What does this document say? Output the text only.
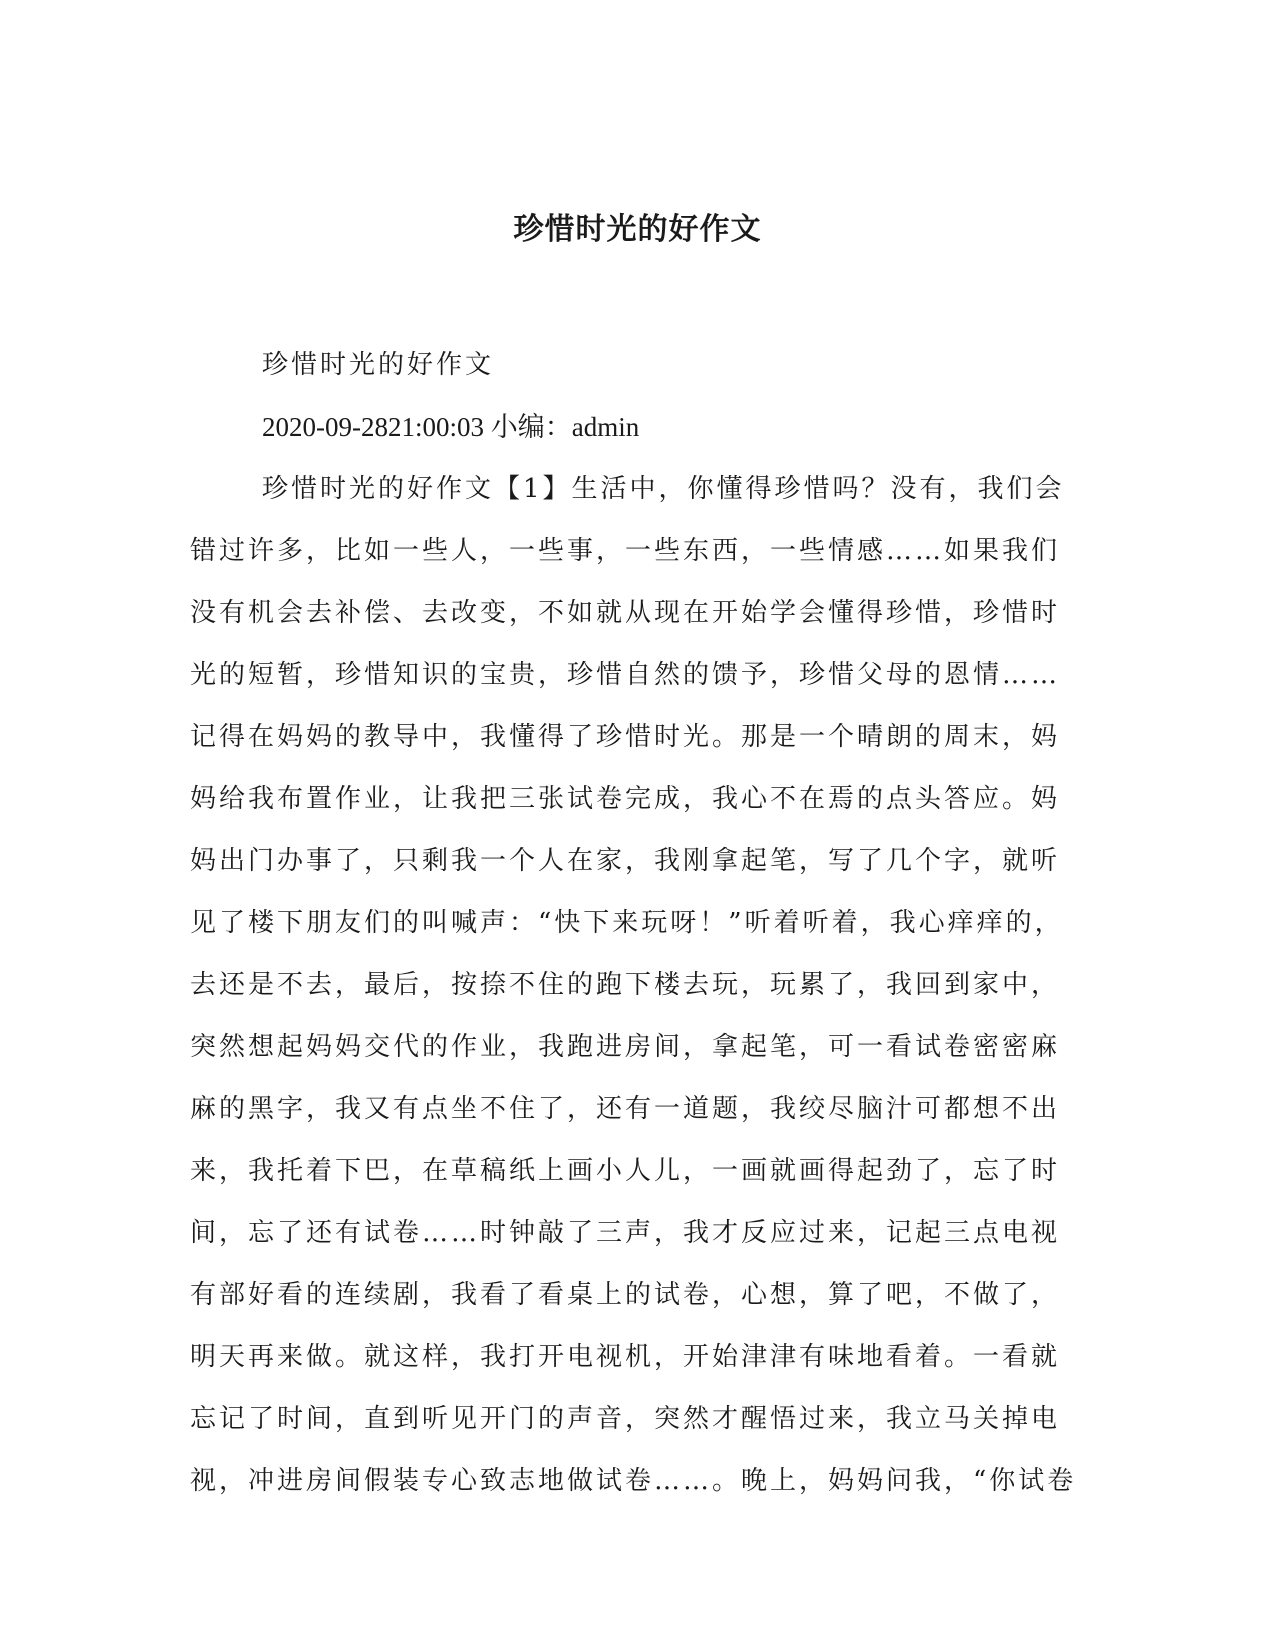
珍惜时光的好作文
珍惜时光的好作文
2020-09-2821:00:03 小编：admin
珍惜时光的好作文【1】生活中，你懂得珍惜吗？没有，我们会
错过许多，比如一些人，一些事，一些东西，一些情感……如果我们
没有机会去补偿、去改变，不如就从现在开始学会懂得珍惜，珍惜时
光的短暂，珍惜知识的宝贵，珍惜自然的馈予，珍惜父母的恩情……
记得在妈妈的教导中，我懂得了珍惜时光。那是一个晴朗的周末，妈
妈给我布置作业，让我把三张试卷完成，我心不在焉的点头答应。妈
妈出门办事了，只剩我一个人在家，我刚拿起笔，写了几个字，就听
见了楼下朋友们的叫喊声：“快下来玩呀！”听着听着，我心痒痒的，
去还是不去，最后，按捺不住的跑下楼去玩，玩累了，我回到家中，
突然想起妈妈交代的作业，我跑进房间，拿起笔，可一看试卷密密麻
麻的黑字，我又有点坐不住了，还有一道题，我绞尽脑汁可都想不出
来，我托着下巴，在草稿纸上画小人儿，一画就画得起劲了，忘了时
间，忘了还有试卷……时钟敲了三声，我才反应过来，记起三点电视
有部好看的连续剧，我看了看桌上的试卷，心想，算了吧，不做了，
明天再来做。就这样，我打开电视机，开始津津有味地看着。一看就
忘记了时间，直到听见开门的声音，突然才醒悟过来，我立马关掉电
视，冲进房间假装专心致志地做试卷……。晚上，妈妈问我，“你试卷
